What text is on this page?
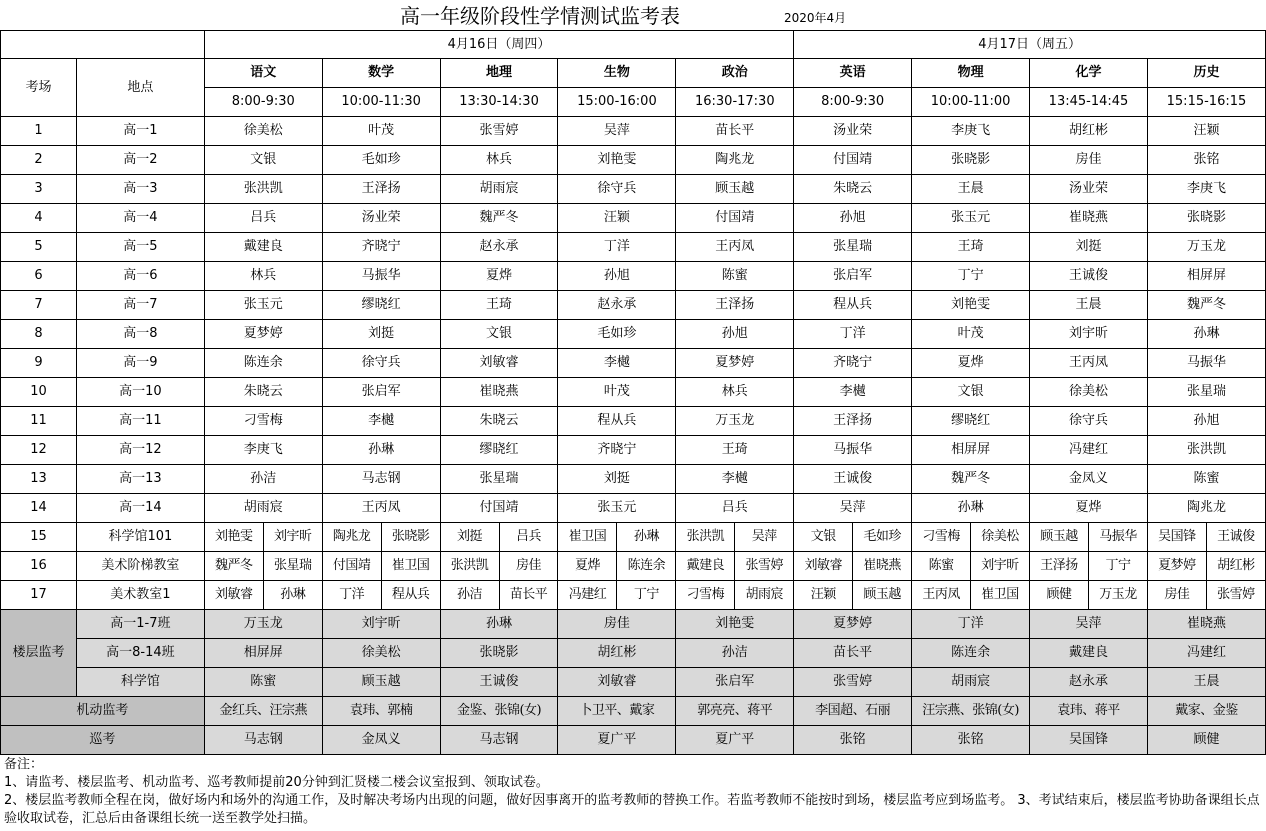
高一年级阶段性学情测试监考表	2020年4月
		4月16日（周四）										4月17日（周五）							
考场	地点	语文		数学		地理		生物		政治		英语		物理		化学		历史	
		8:00-9:30		10:00-11:30		13:30-14:30		15:00-16:00		16:30-17:30		8:00-9:30		10:00-11:00		13:45-14:45		15:15-16:15	
1	高一1	徐美松		叶茂		张雪婷		吴萍		苗长平		汤业荣		李庚飞		胡红彬		汪颖	
2	高一2	文银		毛如珍		林兵		刘艳雯		陶兆龙		付国靖		张晓影		房佳		张铭	
3	高一3	张洪凯		王泽扬		胡雨宸		徐守兵		顾玉越		朱晓云		王晨		汤业荣		李庚飞	
4	高一4	吕兵		汤业荣		魏严冬		汪颖		付国靖		孙旭		张玉元		崔晓燕		张晓影	
5	高一5	戴建良		齐晓宁		赵永承		丁洋		王丙凤		张星瑞		王琦		刘挺		万玉龙	
6	高一6	林兵		马振华		夏烨		孙旭		陈蜜		张启军		丁宁		王诚俊		相屏屏	
7	高一7	张玉元		缪晓红		王琦		赵永承		王泽扬		程从兵		刘艳雯		王晨		魏严冬	
8	高一8	夏梦婷		刘挺		文银		毛如珍		孙旭		丁洋		叶茂		刘宇昕		孙琳	
9	高一9	陈连余		徐守兵		刘敏睿		李樾		夏梦婷		齐晓宁		夏烨		王丙凤		马振华	
10	高一10	朱晓云		张启军		崔晓燕		叶茂		林兵		李樾		文银		徐美松		张星瑞	
11	高一11	刁雪梅		李樾		朱晓云		程从兵		万玉龙		王泽扬		缪晓红		徐守兵		孙旭	
12	高一12	李庚飞		孙琳		缪晓红		齐晓宁		王琦		马振华		相屏屏		冯建红		张洪凯	
13	高一13	孙洁		马志钢		张星瑞		刘挺		李樾		王诚俊		魏严冬		金凤义		陈蜜	
14	高一14	胡雨宸		王丙凤		付国靖		张玉元		吕兵		吴萍		孙琳		夏烨		陶兆龙	
15	科学馆101	刘艳雯	刘宇昕	陶兆龙	张晓影	刘挺	吕兵	崔卫国	孙琳	张洪凯	吴萍	文银	毛如珍	刁雪梅	徐美松	顾玉越	马振华	吴国锋	王诚俊
16	美术阶梯教室	魏严冬	张星瑞	付国靖	崔卫国	张洪凯	房佳	夏烨	陈连余	戴建良	张雪婷	刘敏睿	崔晓燕	陈蜜	刘宇昕	王泽扬	丁宁	夏梦婷	胡红彬
17	美术教室1	刘敏睿	孙琳	丁洋	程从兵	孙洁	苗长平	冯建红	丁宁	刁雪梅	胡雨宸	汪颖	顾玉越	王丙凤	崔卫国	顾健	万玉龙	房佳	张雪婷
楼层监考	高一1-7班	万玉龙		刘宇昕		孙琳		房佳		刘艳雯		夏梦婷		丁洋		吴萍		崔晓燕	
	高一8-14班	相屏屏		徐美松		张晓影		胡红彬		孙洁		苗长平		陈连余		戴建良		冯建红	
	科学馆	陈蜜		顾玉越		王诚俊		刘敏睿		张启军		张雪婷		胡雨宸		赵永承		王晨	
机动监考		金红兵、汪宗燕		袁玮、郭楠		金鉴、张锦(女)		卜卫平、戴家		郭亮亮、蒋平		李国超、石丽		汪宗燕、张锦(女)		袁玮、蒋平		戴家、金鉴	
巡考		马志钢		金凤义		马志钢		夏广平		夏广平		张铭		张铭		吴国锋		顾健	
备注：
1、请监考、楼层监考、机动监考、巡考教师提前20分钟到汇贤楼二楼会议室报到、领取试卷。
2、楼层监考教师全程在岗，做好场内和场外的沟通工作，及时解决考场内出现的问题，做好因事离开的监考教师的替换工作。若监考教师不能按时到场，楼层监考应到场监考。 3、考试结束后，楼层监考协助备课组长点验收取试卷，汇总后由备课组长统一送至教学处扫描。
